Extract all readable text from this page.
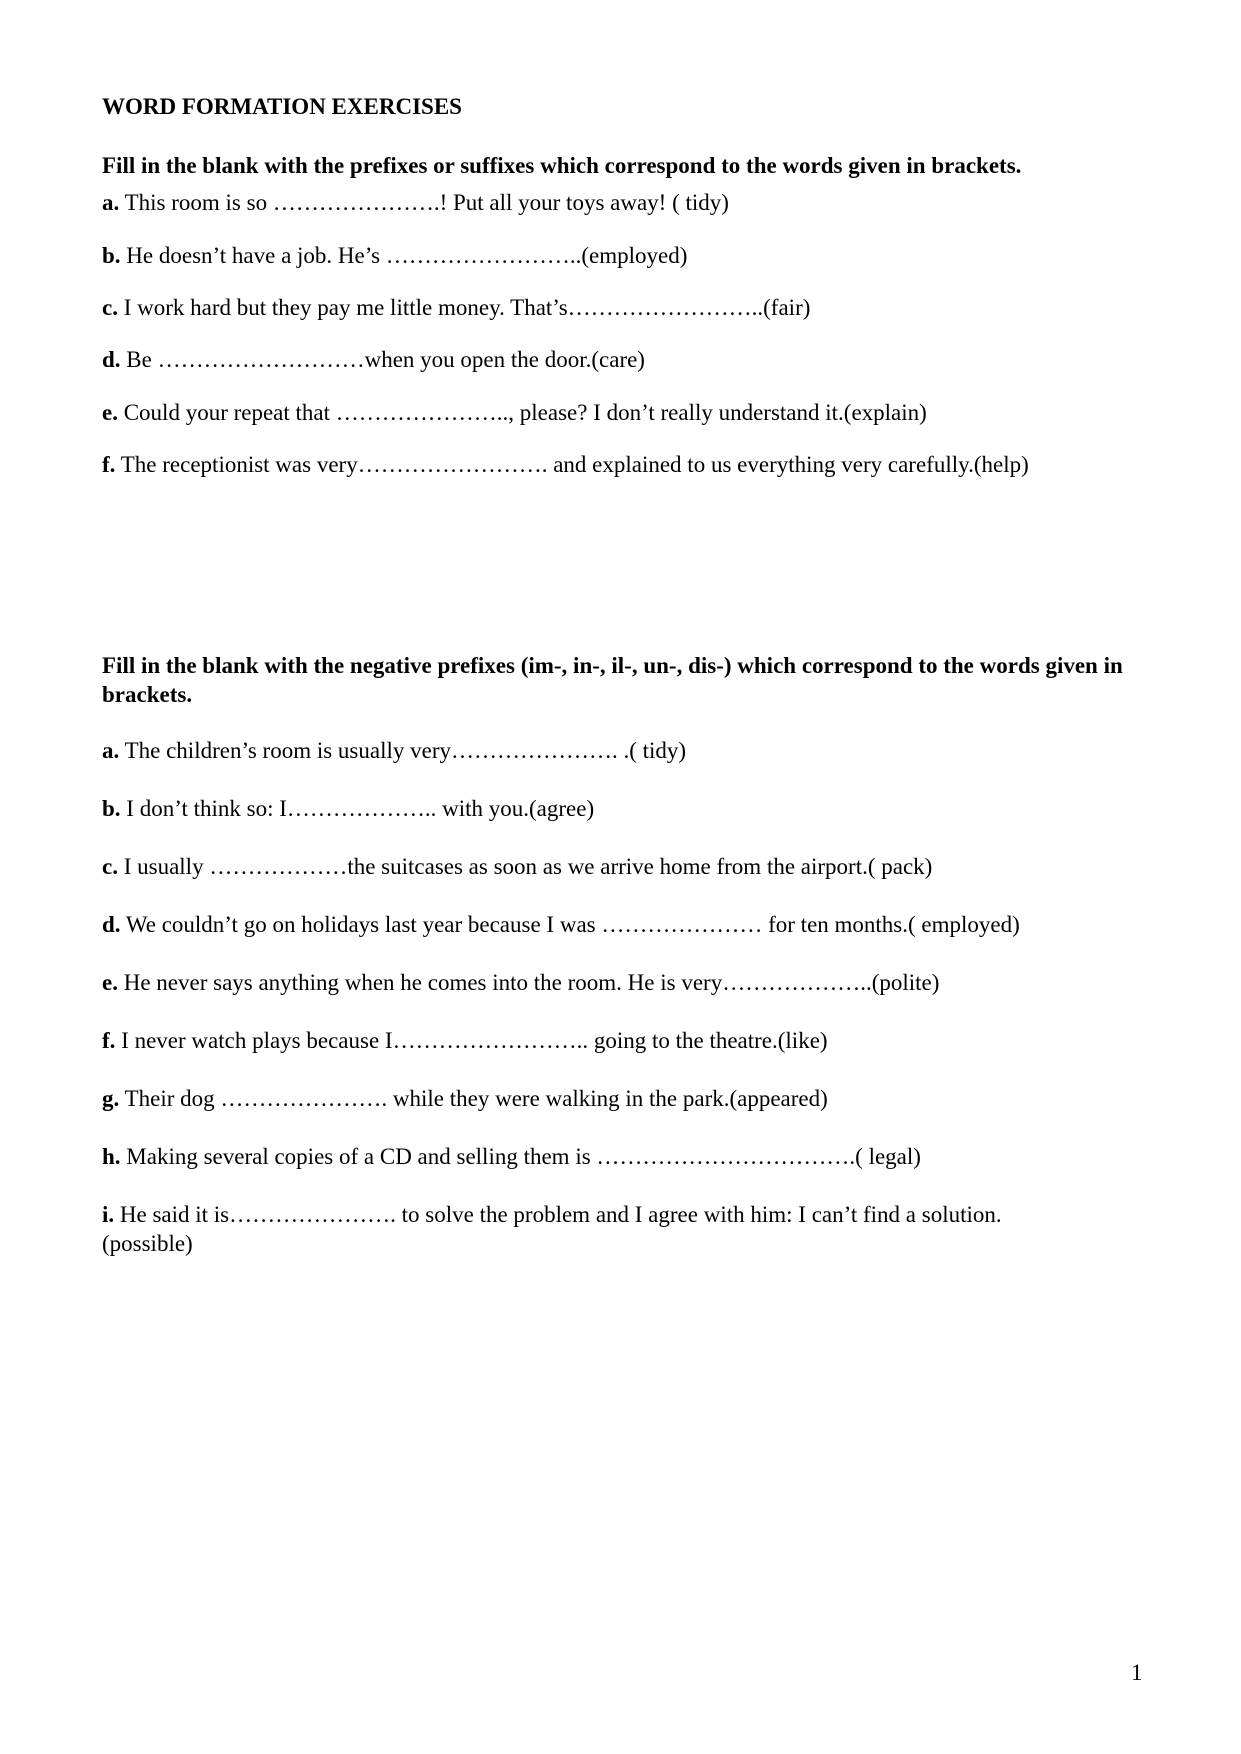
WORD FORMATION EXERCISES
Fill in the blank with the prefixes or suffixes which correspond to the words given in brackets.
a. This room is so ………………….! Put all your toys away! ( tidy)
b. He doesn’t have a job. He’s ……………………..(employed)
c. I work hard but they pay me little money. That’s……………………..(fair)
d. Be ………………………when you open the door.(care)
e. Could your repeat that ………………….., please? I don’t really understand it.(explain)
f. The receptionist was very……………………. and explained to us everything very carefully.(help)
Fill in the blank with the negative prefixes (im-, in-, il-, un-, dis-) which correspond to the words given in brackets.
a. The children’s room is usually very…………………. .( tidy)
b. I don’t think so: I……………….. with you.(agree)
c. I usually ………………the suitcases as soon as we arrive home from the airport.( pack)
d. We couldn’t go on holidays last year because I was ………………… for ten months.( employed)
e. He never says anything when he comes into the room. He is very………………..(polite)
f. I never watch plays because I…………………….. going to the theatre.(like)
g. Their dog …………………. while they were walking in the park.(appeared)
h. Making several copies of a CD and selling them is …………………………….( legal)
i. He said it is…………………. to solve the problem and I agree with him: I can’t find a solution.(possible)
1
